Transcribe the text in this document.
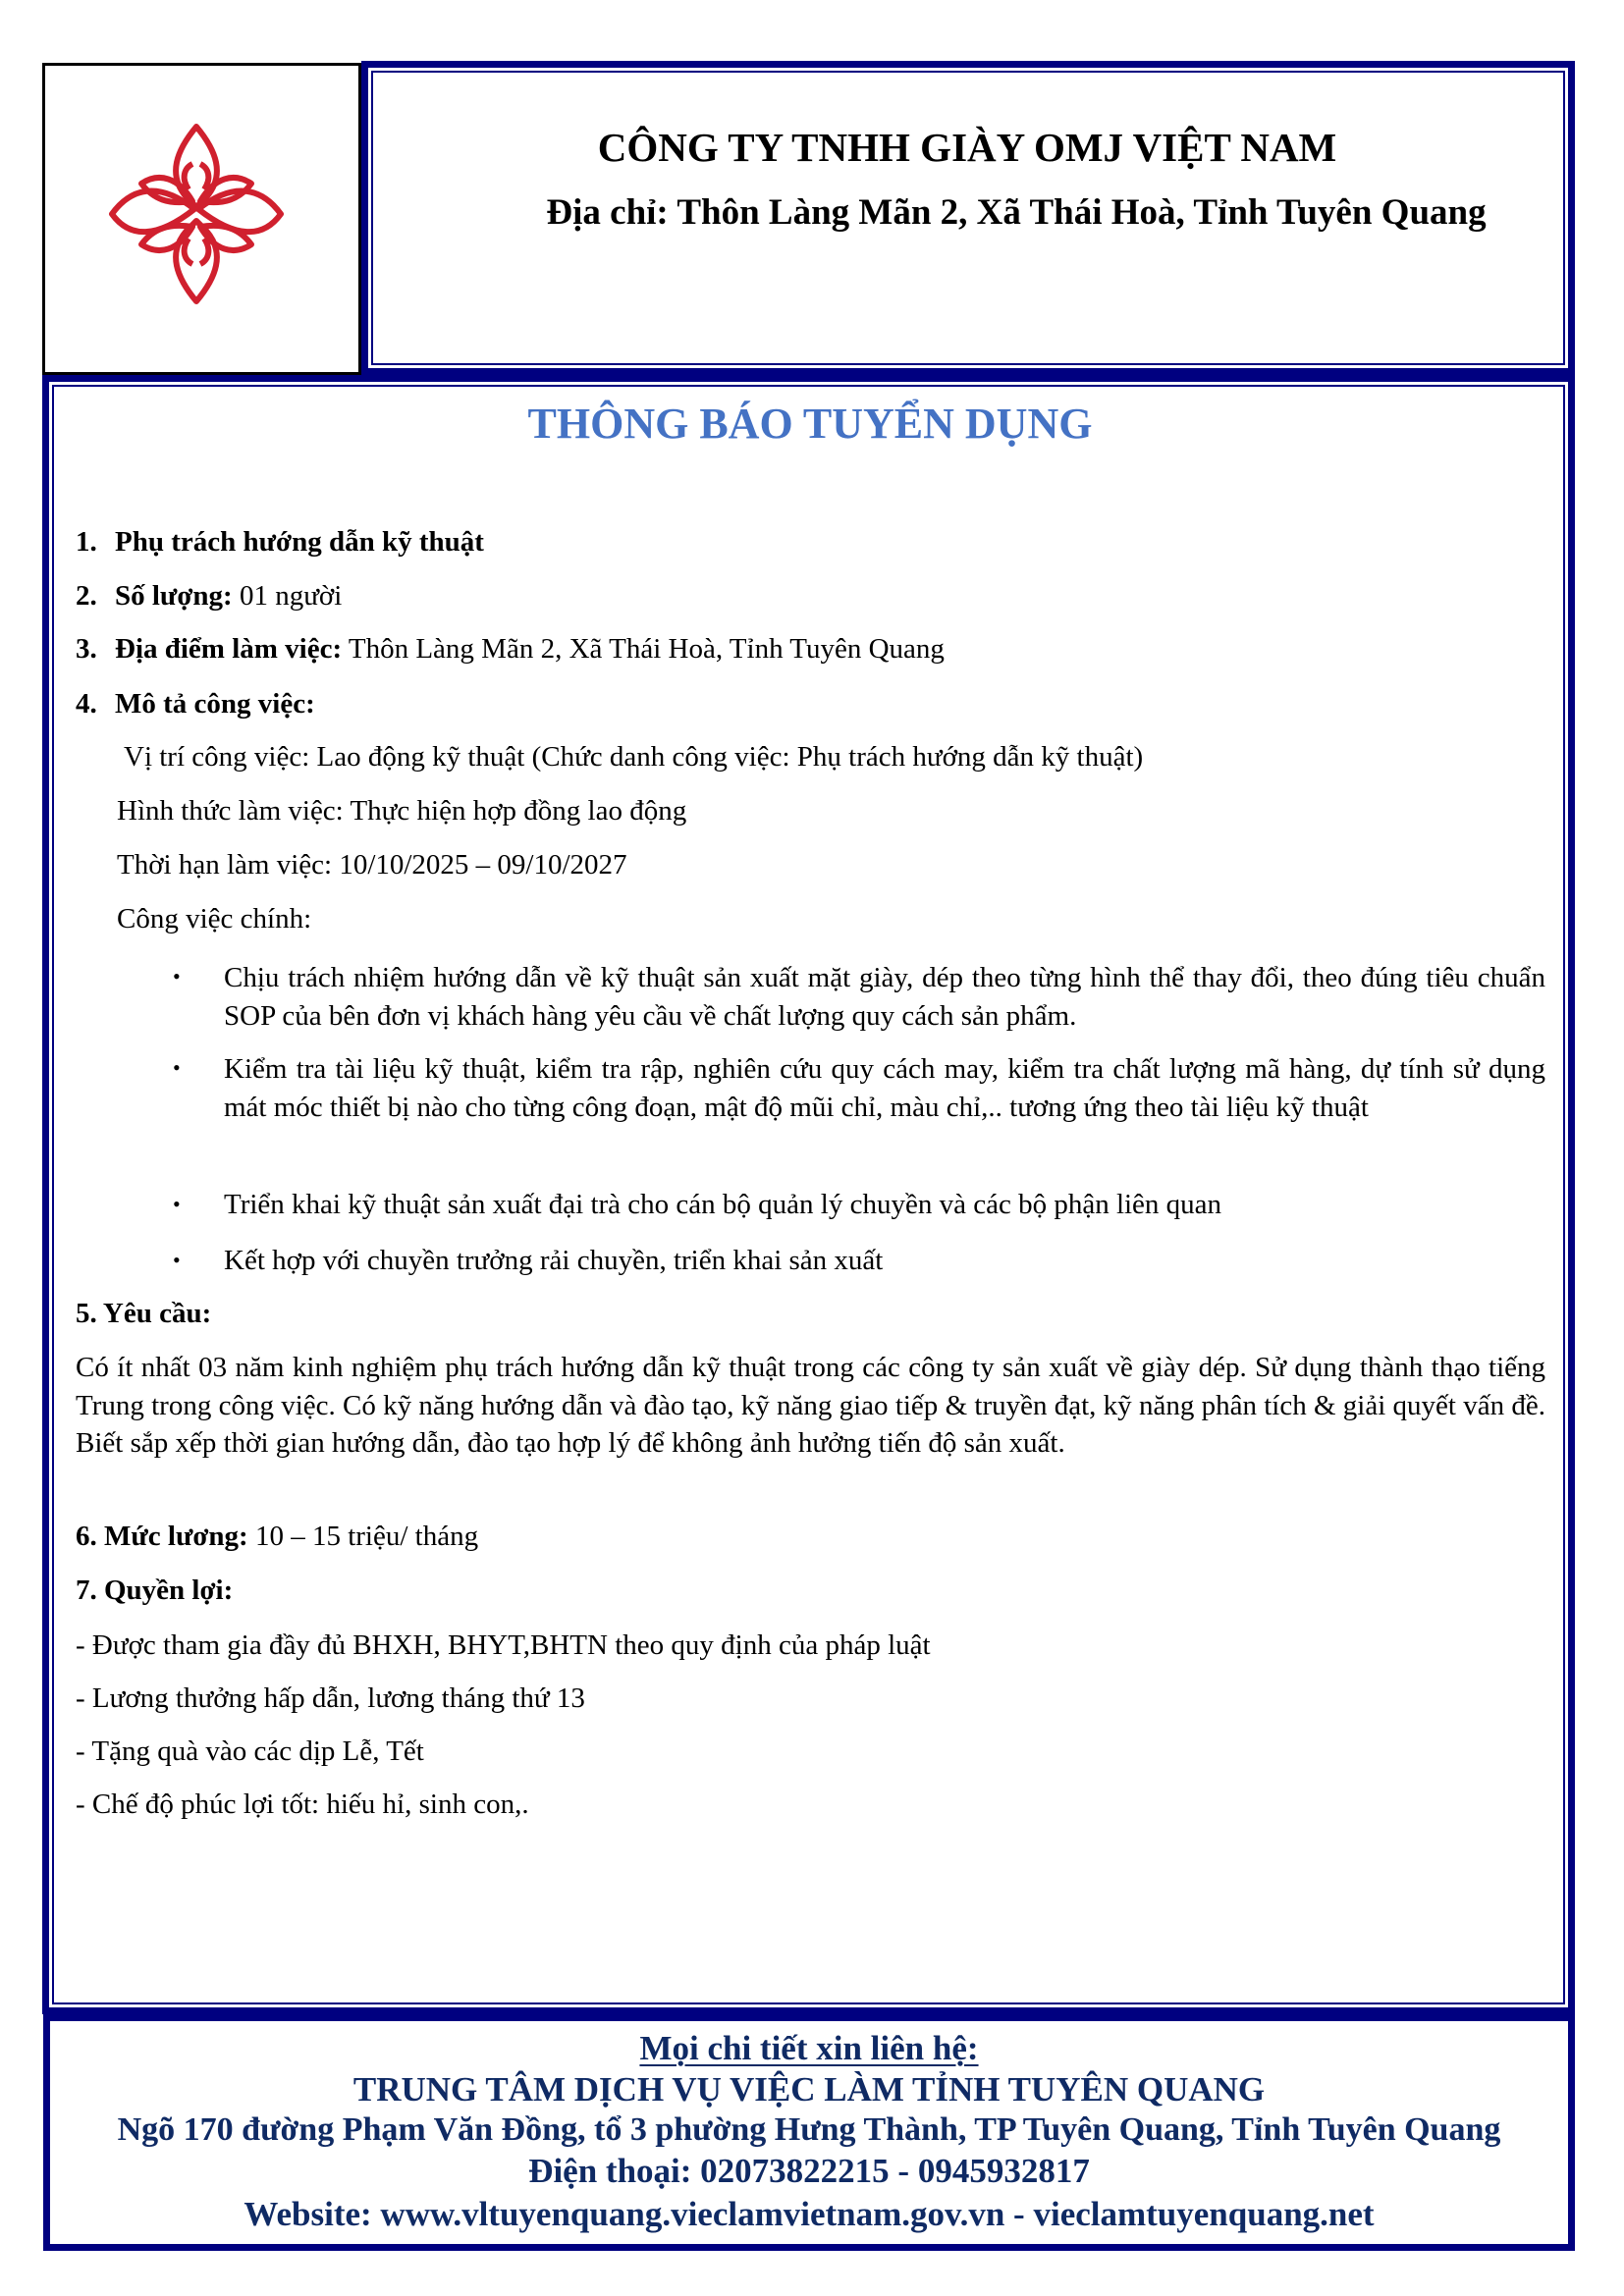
CÔNG TY TNHH GIÀY OMJ VIỆT NAM
Địa chỉ: Thôn Làng Mãn 2, Xã Thái Hoà, Tỉnh Tuyên Quang
THÔNG BÁO TUYỂN DỤNG
1. Phụ trách hướng dẫn kỹ thuật
2. Số lượng: 01 người
3. Địa điểm làm việc: Thôn Làng Mãn 2, Xã Thái Hoà, Tỉnh Tuyên Quang
4. Mô tả công việc:
Vị trí công việc: Lao động kỹ thuật (Chức danh công việc: Phụ trách hướng dẫn kỹ thuật)
Hình thức làm việc: Thực hiện hợp đồng lao động
Thời hạn làm việc: 10/10/2025 – 09/10/2027
Công việc chính:
• Chịu trách nhiệm hướng dẫn về kỹ thuật sản xuất mặt giày, dép theo từng hình thể thay đổi, theo đúng tiêu chuẩn SOP của bên đơn vị khách hàng yêu cầu về chất lượng quy cách sản phẩm.
• Kiểm tra tài liệu kỹ thuật, kiểm tra rập, nghiên cứu quy cách may, kiểm tra chất lượng mã hàng, dự tính sử dụng mát móc thiết bị nào cho từng công đoạn, mật độ mũi chỉ, màu chỉ,.. tương ứng theo tài liệu kỹ thuật
• Triển khai kỹ thuật sản xuất đại trà cho cán bộ quản lý chuyền và các bộ phận liên quan
• Kết hợp với chuyền trưởng rải chuyền, triển khai sản xuất
5. Yêu cầu:
Có ít nhất 03 năm kinh nghiệm phụ trách hướng dẫn kỹ thuật trong các công ty sản xuất về giày dép. Sử dụng thành thạo tiếng Trung trong công việc. Có kỹ năng hướng dẫn và đào tạo, kỹ năng giao tiếp & truyền đạt, kỹ năng phân tích & giải quyết vấn đề. Biết sắp xếp thời gian hướng dẫn, đào tạo hợp lý để không ảnh hưởng tiến độ sản xuất.
6. Mức lương: 10 – 15 triệu/ tháng
7. Quyền lợi:
- Được tham gia đầy đủ BHXH, BHYT,BHTN theo quy định của pháp luật
- Lương thưởng hấp dẫn, lương tháng thứ 13
- Tặng quà vào các dịp Lễ, Tết
- Chế độ phúc lợi tốt: hiếu hỉ, sinh con,.
Mọi chi tiết xin liên hệ:
TRUNG TÂM DỊCH VỤ VIỆC LÀM TỈNH TUYÊN QUANG
Ngõ 170 đường Phạm Văn Đồng, tổ 3 phường Hưng Thành, TP Tuyên Quang, Tỉnh Tuyên Quang
Điện thoại: 02073822215 - 0945932817
Website: www.vltuyenquang.vieclamvietnam.gov.vn - vieclamtuyenquang.net
